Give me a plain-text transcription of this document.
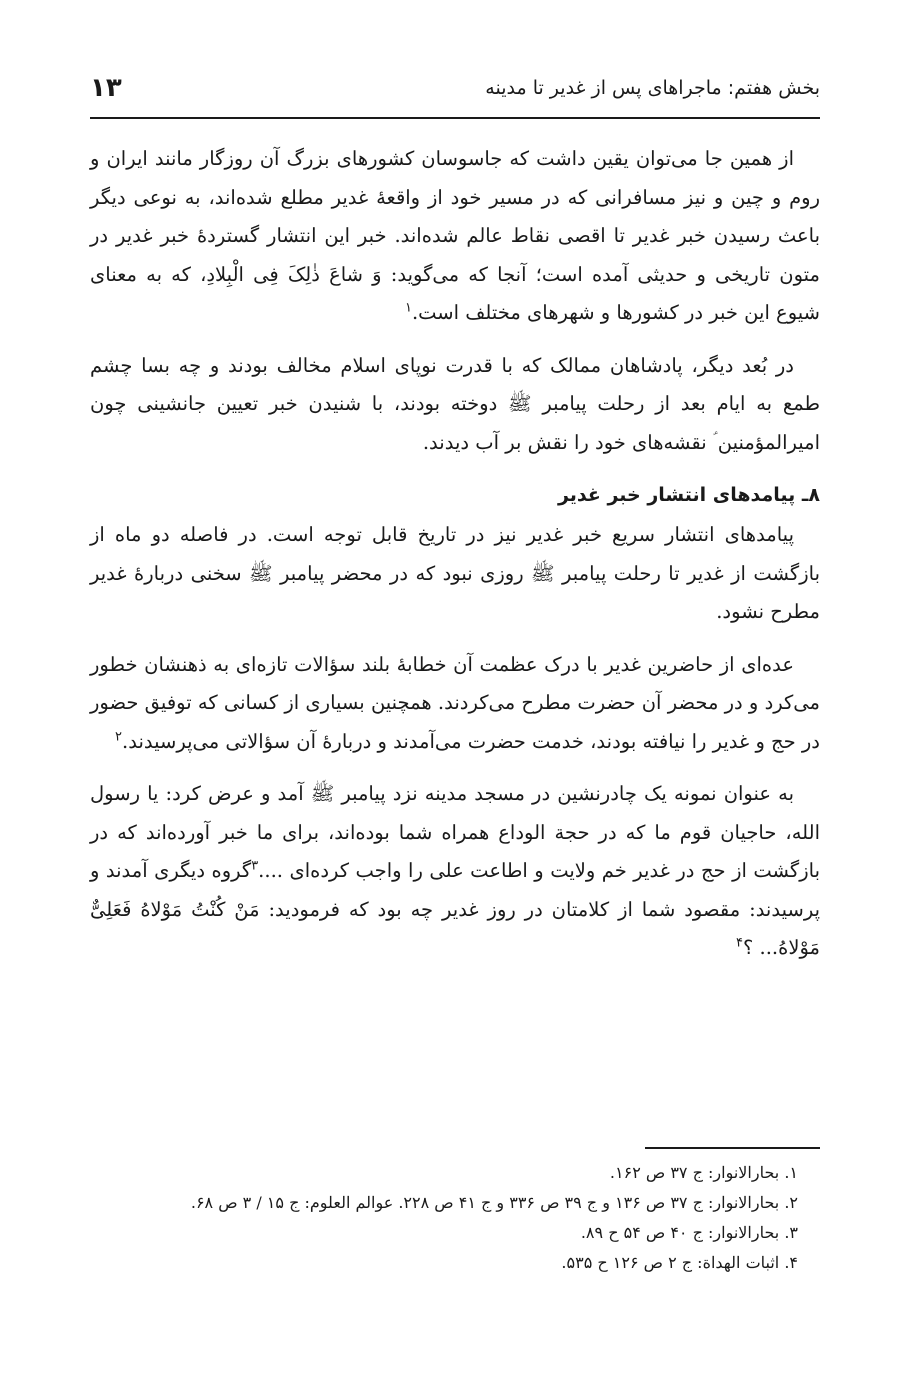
بخش هفتم: ماجراهای پس از غدیر تا مدینه
۱۳

از همین جا می‌توان یقین داشت که جاسوسان کشورهای بزرگ آن روزگار مانند ایران و روم و چین و نیز مسافرانی که در مسیر خود از واقعهٔ غدیر مطلع شده‌اند، به نوعی دیگر باعث رسیدن خبر غدیر تا اقصی نقاط عالم شده‌اند. خبر این انتشار گستردهٔ خبر غدیر در متون تاریخی و حدیثی آمده است؛ آنجا که می‌گوید: وَ شاعَ ذٰلِکَ فِی الْبِلادِ، که به معنای شیوع این خبر در کشورها و شهرهای مختلف است.$^۱$

در بُعد دیگر، پادشاهان ممالک که با قدرت نوپای اسلام مخالف بودند و چه بسا چشم طمع به ایام بعد از رحلت پیامبر ﷺ دوخته بودند، با شنیدن خبر تعیین جانشینی چون امیرالمؤمنین ؑ نقشه‌های خود را نقش بر آب دیدند.

۸ـ پیامدهای انتشار خبر غدیر

پیامدهای انتشار سریع خبر غدیر نیز در تاریخ قابل توجه است. در فاصله دو ماه از بازگشت از غدیر تا رحلت پیامبر ﷺ روزی نبود که در محضر پیامبر ﷺ سخنی دربارهٔ غدیر مطرح نشود.

عده‌ای از حاضرین غدیر با درک عظمت آن خطابهٔ بلند سؤالات تازه‌ای به ذهنشان خطور می‌کرد و در محضر آن حضرت مطرح می‌کردند. همچنین بسیاری از کسانی که توفیق حضور در حج و غدیر را نیافته بودند، خدمت حضرت می‌آمدند و دربارهٔ آن سؤالاتی می‌پرسیدند.$^۲$

به عنوان نمونه یک چادرنشین در مسجد مدینه نزد پیامبر ﷺ آمد و عرض کرد: یا رسول الله، حاجیان قوم ما که در حجة الوداع همراه شما بوده‌اند، برای ما خبر آورده‌اند که در بازگشت از حج در غدیر خم ولایت و اطاعت علی را واجب کرده‌ای ....$^۳$گروه دیگری آمدند و پرسیدند: مقصود شما از کلامتان در روز غدیر چه بود که فرمودید: مَنْ کُنْتُ مَوْلاهُ فَعَلِیٌّ مَوْلاهُ... ؟$^۴$

۱. بحارالانوار: ج ۳۷ ص ۱۶۲.
۲. بحارالانوار: ج ۳۷ ص ۱۳۶ و ج ۳۹ ص ۳۳۶ و ج ۴۱ ص ۲۲۸. عوالم العلوم: ج ۱۵ / ۳ ص ۶۸.
۳. بحارالانوار: ج ۴۰ ص ۵۴ ح ۸۹.
۴. اثبات الهداة: ج ۲ ص ۱۲۶ ح ۵۳۵.
